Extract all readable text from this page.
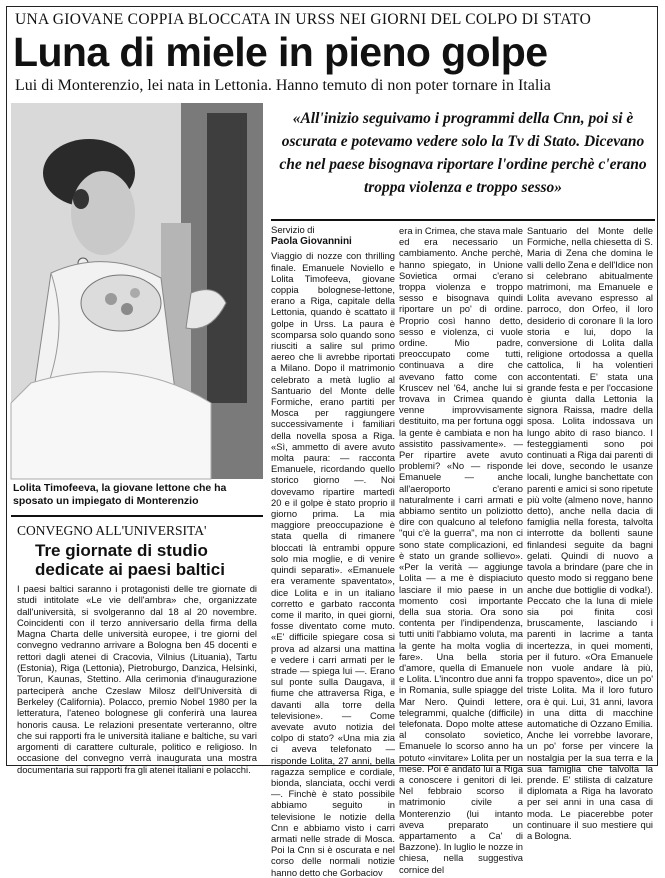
UNA GIOVANE COPPIA BLOCCATA IN URSS NEI GIORNI DEL COLPO DI STATO
Luna di miele in pieno golpe
Lui di Monterenzio, lei nata in Lettonia. Hanno temuto di non poter tornare in Italia
Lolita Timofeeva, la giovane lettone che ha sposato un impiegato di Monterenzio
«All'inizio seguivamo i programmi della Cnn, poi si è oscurata e potevamo vedere solo la Tv di Stato. Dicevano che nel paese bisognava riportare l'ordine perchè c'erano troppa violenza e troppo sesso»
Servizio di
Paola Giovannini

Viaggio di nozze con thrilling finale. Emanuele Noviello e Lolita Timofeeva, giovane coppia bolognese-lettone, erano a Riga, capitale della Lettonia, quando è scattato il golpe in Urss. La paura è scomparsa solo quando sono riusciti a salire sul primo aereo che li avrebbe riportati a Milano. Dopo il matrimonio celebrato a metà luglio al Santuario del Monte delle Formiche, erano partiti per Mosca per raggiungere successivamente i familiari della novella sposa a Riga. «Sì, ammetto di avere avuto molta paura: — racconta Emanuele, ricordando quello storico giorno —. Noi dovevamo ripartire martedì 20 e il golpe è stato proprio il giorno prima. La mia maggiore preoccupazione è stata quella di rimanere bloccati là entrambi oppure solo mia moglie, e di venire quindi separati». «Emanuele era veramente spaventato», dice Lolita e in un italiano corretto e garbato racconta come il marito, in quei giorni, fosse diventato come muto. «E' difficile spiegare cosa si prova ad alzarsi una mattina e vedere i carri armati per le strade — spiega lui —. Erano sul ponte sulla Daugava, il fiume che attraversa Riga, e davanti alla torre della televisione». — Come avevate avuto notizia del colpo di stato? «Una mia zia ci aveva telefonato — risponde Lolita, 27 anni, bella ragazza semplice e cordiale, bionda, slanciata, occhi verdi —. Finchè è stato possibile abbiamo seguito in televisione le notizie della Cnn e abbiamo visto i carri armati nelle strade di Mosca. Poi la Cnn si è oscurata e nel corso delle normali notizie hanno detto che Gorbaciov

era in Crimea, che stava male ed era necessario un cambiamento. Anche perchè, hanno spiegato, in Unione Sovietica ormai c'erano troppa violenza e troppo sesso e bisognava quindi riportare un po' di ordine. Proprio così hanno detto, sesso e violenza, ci vuole ordine. Mio padre, preoccupato come tutti, continuava a dire che avevano fatto come con Kruscev nel '64, anche lui si trovava in Crimea quando venne improvvisamente destituito, ma per fortuna oggi la gente è cambiata e non ha assistito passivamente». — Per ripartire avete avuto problemi? «No — risponde Emanuele — anche all'aeroporto c'erano naturalmente i carri armati e abbiamo sentito un poliziotto dire con qualcuno al telefono "qui c'è la guerra", ma non ci sono state complicazioni, ed è stato un grande sollievo». «Per la verità — aggiunge Lolita — a me è dispiaciuto lasciare il mio paese in un momento così importante della sua storia. Ora sono contenta per l'indipendenza, tutti uniti l'abbiamo voluta, ma la gente ha molta voglia di fare». Una bella storia d'amore, quella di Emanuele e Lolita. L'incontro due anni fa in Romania, sulle spiagge del Mar Nero. Quindi lettere, telegrammi, qualche (difficile) telefonata. Dopo molte attese al consolato sovietico, Emanuele lo scorso anno ha potuto «invitare» Lolita per un mese. Poi è andato lui a Riga a conoscere i genitori di lei. Nel febbraio scorso il matrimonio civile a Monterenzio (lui intanto aveva preparato un appartamento a Ca' di Bazzone). In luglio le nozze in chiesa, nella suggestiva cornice del

Santuario del Monte delle Formiche, nella chiesetta di S. Maria di Zena che domina le valli dello Zena e dell'Idice non si celebrano abitualmente matrimoni, ma Emanuele e Lolita avevano espresso al parroco, don Orfeo, il loro desiderio di coronare lì la loro storia e lui, dopo la conversione di Lolita dalla religione ortodossa a quella cattolica, li ha volentieri accontentati. E' stata una grande festa e per l'occasione è giunta dalla Lettonia la signora Raissa, madre della sposa. Lolita indossava un lungo abito di raso bianco. I festeggiamenti sono poi continuati a Riga dai parenti di lei dove, secondo le usanze locali, lunghe banchettate con parenti e amici si sono ripetute più volte (almeno nove, hanno detto), anche nella dacia di famiglia nella foresta, talvolta interrotte da bollenti saune finlandesi seguite da bagni gelati. Quindi di nuovo a tavola a brindare (pare che in questo modo si reggano bene anche due bottiglie di vodka!). Peccato che la luna di miele sia poi finita così bruscamente, lasciando i parenti in lacrime a tanta incertezza, in quei momenti, per il futuro. «Ora Emanuele non vuole andare là più, troppo spavento», dice un po' triste Lolita. Ma il loro futuro ora è qui. Lui, 31 anni, lavora in una ditta di macchine automatiche di Ozzano Emilia. Anche lei vorrebbe lavorare, un po' forse per vincere la nostalgia per la sua terra e la sua famiglia che talvolta la prende. E' stilista di calzature diplomata a Riga ha lavorato per sei anni in una casa di moda. Le piacerebbe poter continuare il suo mestiere qui a Bologna.

CONVEGNO ALL'UNIVERSITA'
Tre giornate di studio dedicate ai paesi baltici
I paesi baltici saranno i protagonisti delle tre giornate di studi intitolate «Le vie dell'ambra» che, organizzate dall'università, si svolgeranno dal 18 al 20 novembre. Coincidenti con il terzo anniversario della firma della Magna Charta delle università europee, i tre giorni del convegno vedranno arrivare a Bologna ben 45 docenti e rettori dagli atenei di Cracovia, Vilnius (Lituania), Tartu (Estonia), Riga (Lettonia), Pietroburgo, Danzica, Helsinki, Torun, Kaunas, Stettino. Alla cerimonia d'inaugurazione parteciperà anche Czeslaw Milosz dell'Università di Berkeley (California). Polacco, premio Nobel 1980 per la letteratura, l'ateneo bolognese gli conferirà una laurea honoris causa. Le relazioni presentate verteranno, oltre che sui rapporti fra le università italiane e baltiche, su vari argomenti di carattere culturale, politico e religioso. In occasione del convegno verrà inaugurata una mostra documentaria sui rapporti fra gli atenei italiani e polacchi.
